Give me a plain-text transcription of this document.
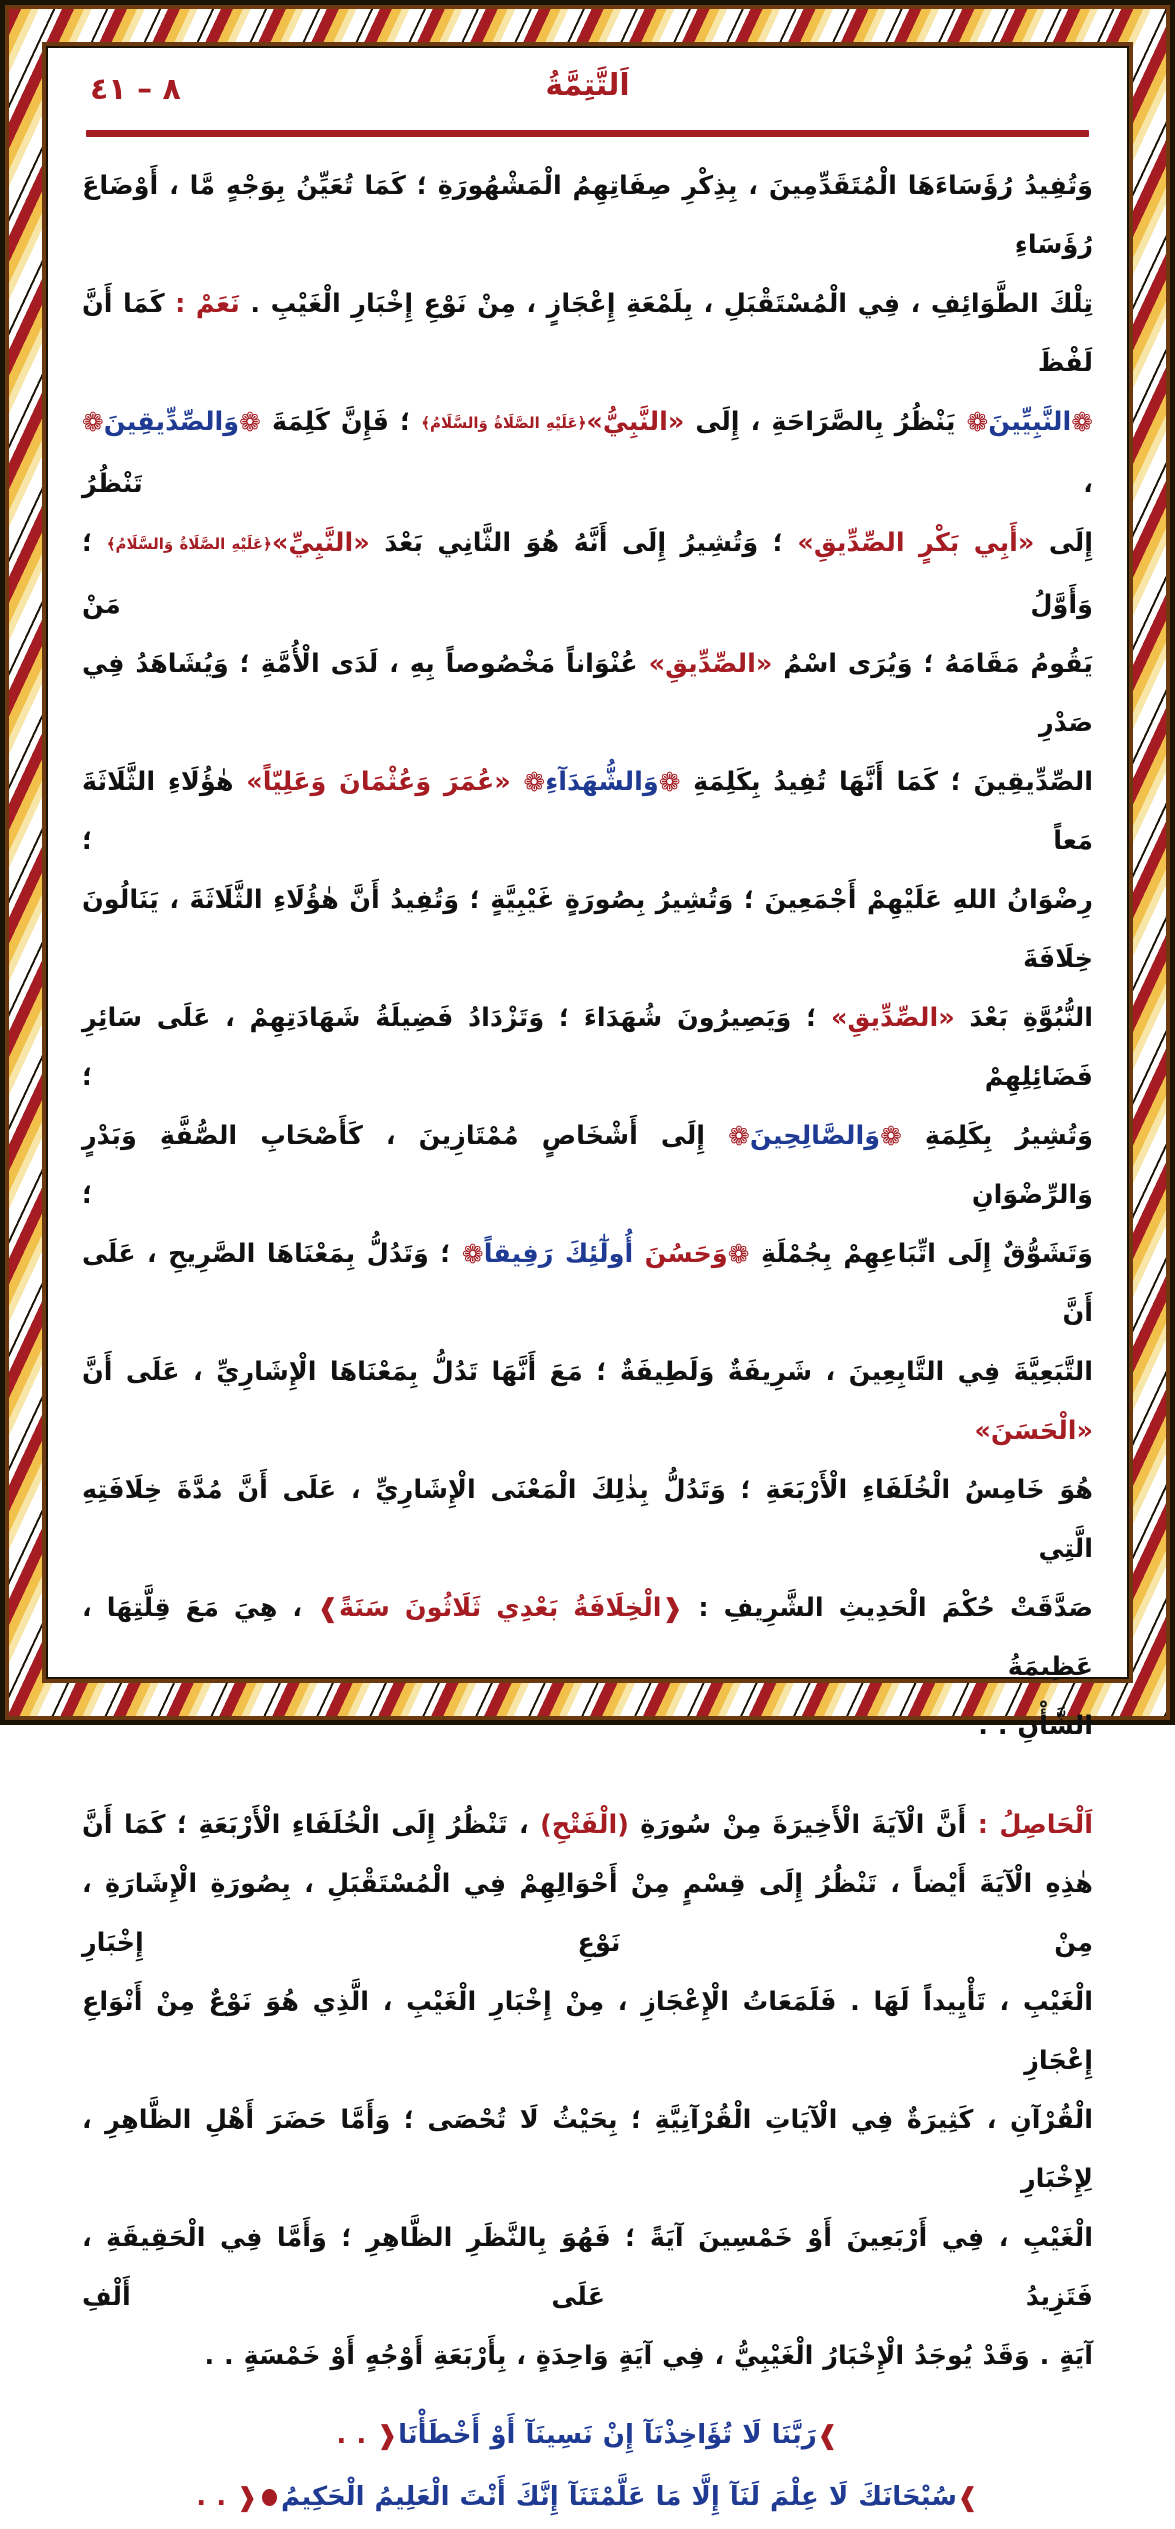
٨ – ٤١	اَلتَّتِمَّةُ
وَتُفِيدُ رُؤَسَاءَهَا الْمُتَقَدِّمِينَ ، بِذِكْرِ صِفَاتِهِمُ الْمَشْهُورَةِ ؛ كَمَا تُعَيِّنُ بِوَجْهٍ مَّا ، أَوْضَاعَ رُؤَسَاءِ
تِلْكَ الطَّوَائِفِ ، فِي الْمُسْتَقْبَلِ ، بِلَمْعَةِ إِعْجَازٍ ، مِنْ نَوْعِ إِخْبَارِ الْغَيْبِ . نَعَمْ : كَمَا أَنَّ لَفْظَ
❁النَّبِيِّينَ❁ يَنْظُرُ بِالصَّرَاحَةِ ، إِلَى «النَّبِيُّ»﴿عَلَيْهِ الصَّلَاةُ وَالسَّلَامُ﴾ ؛ فَإِنَّ كَلِمَةَ ❁وَالصِّدِّيقِينَ❁ ، تَنْظُرُ
إِلَى «أَبِي بَكْرٍ الصِّدِّيقِ» ؛ وَتُشِيرُ إِلَى أَنَّهُ هُوَ الثَّانِي بَعْدَ «النَّبِيِّ»﴿عَلَيْهِ الصَّلَاةُ وَالسَّلَامُ﴾ ؛ وَأَوَّلُ مَنْ
يَقُومُ مَقَامَهُ ؛ وَيُرَى اسْمُ «الصِّدِّيقِ» عُنْوَاناً مَخْصُوصاً بِهِ ، لَدَى الْأُمَّةِ ؛ وَيُشَاهَدُ فِي صَدْرِ
الصِّدِّيقِينَ ؛ كَمَا أَنَّهَا تُفِيدُ بِكَلِمَةِ ❁وَالشُّهَدَآءِ❁ «عُمَرَ وَعُثْمَانَ وَعَلِيّاً» هٰؤُلَاءِ الثَّلَاثَةَ مَعاً ؛
رِضْوَانُ اللهِ عَلَيْهِمْ أَجْمَعِينَ ؛ وَتُشِيرُ بِصُورَةٍ غَيْبِيَّةٍ ؛ وَتُفِيدُ أَنَّ هٰؤُلَاءِ الثَّلَاثَةَ ، يَنَالُونَ خِلَافَةَ
النُّبُوَّةِ بَعْدَ «الصِّدِّيقِ» ؛ وَيَصِيرُونَ شُهَدَاءَ ؛ وَتَزْدَادُ فَضِيلَةُ شَهَادَتِهِمْ ، عَلَى سَائِرِ فَضَائِلِهِمْ ؛
وَتُشِيرُ بِكَلِمَةِ ❁وَالصَّالِحِينَ❁ إِلَى أَشْخَاصٍ مُمْتَازِينَ ، كَأَصْحَابِ الصُّفَّةِ وَبَدْرٍ وَالرِّضْوَانِ ؛
وَتَشَوُّقٌ إِلَى اتِّبَاعِهِمْ بِجُمْلَةِ ❁وَحَسُنَ أُولٰٓئِكَ رَفِيقاً❁ ؛ وَتَدُلُّ بِمَعْنَاهَا الصَّرِيحِ ، عَلَى أَنَّ
التَّبَعِيَّةَ فِي التَّابِعِينَ ، شَرِيفَةٌ وَلَطِيفَةٌ ؛ مَعَ أَنَّهَا تَدُلُّ بِمَعْنَاهَا الْإِشَارِيِّ ، عَلَى أَنَّ «الْحَسَنَ»
هُوَ خَامِسُ الْخُلَفَاءِ الْأَرْبَعَةِ ؛ وَتَدُلُّ بِذٰلِكَ الْمَعْنَى الْإِشَارِيِّ ، عَلَى أَنَّ مُدَّةَ خِلَافَتِهِ الَّتِي
صَدَّقَتْ حُكْمَ الْحَدِيثِ الشَّرِيفِ : ❰الْخِلَافَةُ بَعْدِي ثَلَاثُونَ سَنَةً❱ ، هِيَ مَعَ قِلَّتِهَا ، عَظِيمَةُ
الشَّأْنِ . .
اَلْحَاصِلُ : أَنَّ الْآيَةَ الْأَخِيرَةَ مِنْ سُورَةِ (الْفَتْحِ) ، تَنْظُرُ إِلَى الْخُلَفَاءِ الْأَرْبَعَةِ ؛ كَمَا أَنَّ
هٰذِهِ الْآيَةَ أَيْضاً ، تَنْظُرُ إِلَى قِسْمٍ مِنْ أَحْوَالِهِمْ فِي الْمُسْتَقْبَلِ ، بِصُورَةِ الْإِشَارَةِ ، مِنْ نَوْعِ إِخْبَارِ
الْغَيْبِ ، تَأْيِيداً لَهَا . فَلَمَعَاتُ الْإِعْجَازِ ، مِنْ إِخْبَارِ الْغَيْبِ ، الَّذِي هُوَ نَوْعٌ مِنْ أَنْوَاعِ إِعْجَازِ
الْقُرْآنِ ، كَثِيرَةٌ فِي الْآيَاتِ الْقُرْآنِيَّةِ ؛ بِحَيْثُ لَا تُحْصَى ؛ وَأَمَّا حَضَرَ أَهْلِ الظَّاهِرِ ، لِإِخْبَارِ
الْغَيْبِ ، فِي أَرْبَعِينَ أَوْ خَمْسِينَ آيَةً ؛ فَهُوَ بِالنَّظَرِ الظَّاهِرِ ؛ وَأَمَّا فِي الْحَقِيقَةِ ، فَتَزِيدُ عَلَى أَلْفِ
آيَةٍ . وَقَدْ يُوجَدُ الْإِخْبَارُ الْغَيْبِيُّ ، فِي آيَةٍ وَاحِدَةٍ ، بِأَرْبَعَةِ أَوْجُهٍ أَوْ خَمْسَةٍ . .
❱رَبَّنَا لَا تُؤَاخِذْنَآ إِنْ نَسِينَآ أَوْ أَخْطَأْنَا❰ . .
❱سُبْحَانَكَ لَا عِلْمَ لَنَآ إِلَّا مَا عَلَّمْتَنَآ إِنَّكَ أَنْتَ الْعَلِيمُ الْحَكِيمُ❰ . .
